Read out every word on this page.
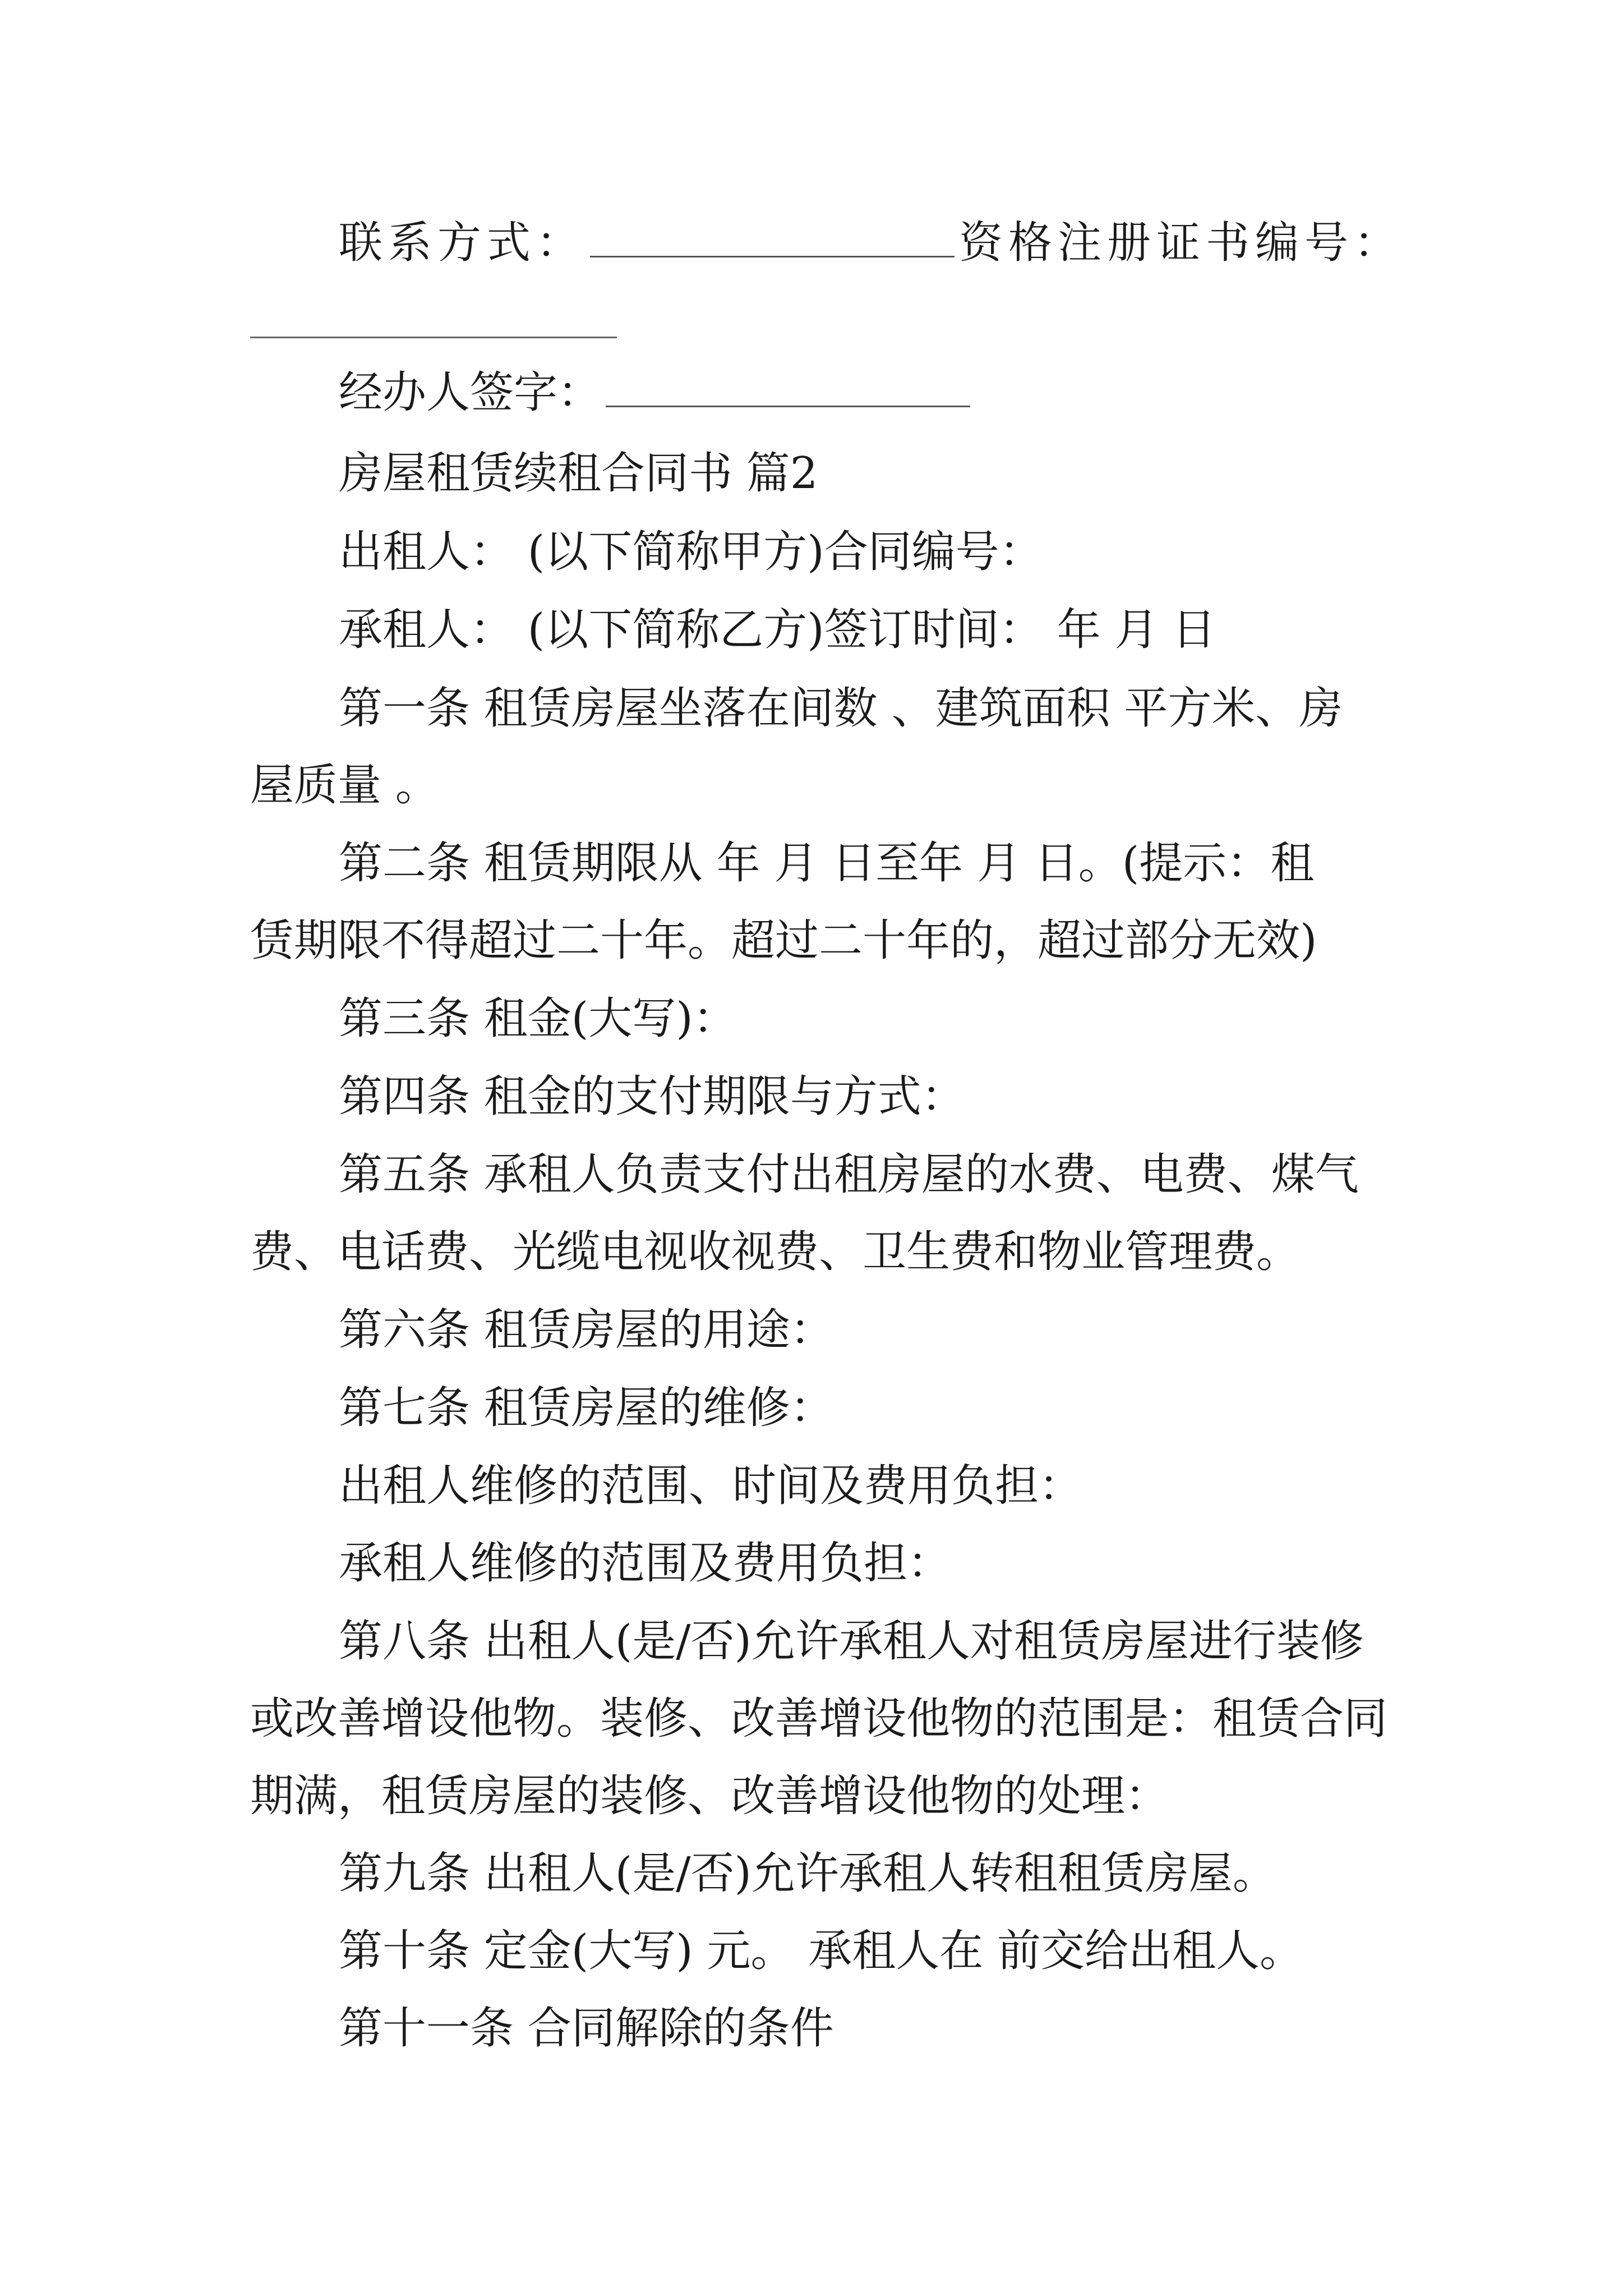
联系方式：	资格注册证书编号：
经办人签字：
房屋租赁续租合同书 篇2
出租人： (以下简称甲方)合同编号：
承租人： (以下简称乙方)签订时间： 年 月 日
第一条 租赁房屋坐落在间数 、建筑面积 平方米、房
屋质量 。
第二条 租赁期限从 年 月 日至年 月 日。(提示：租
赁期限不得超过二十年。超过二十年的，超过部分无效)
第三条 租金(大写)：
第四条 租金的支付期限与方式：
第五条 承租人负责支付出租房屋的水费、电费、煤气
费、电话费、光缆电视收视费、卫生费和物业管理费。
第六条 租赁房屋的用途：
第七条 租赁房屋的维修：
出租人维修的范围、时间及费用负担：
承租人维修的范围及费用负担：
第八条 出租人(是/否)允许承租人对租赁房屋进行装修
或改善增设他物。装修、改善增设他物的范围是：租赁合同
期满，租赁房屋的装修、改善增设他物的处理：
第九条 出租人(是/否)允许承租人转租租赁房屋。
第十条 定金(大写) 元。 承租人在 前交给出租人。
第十一条 合同解除的条件
